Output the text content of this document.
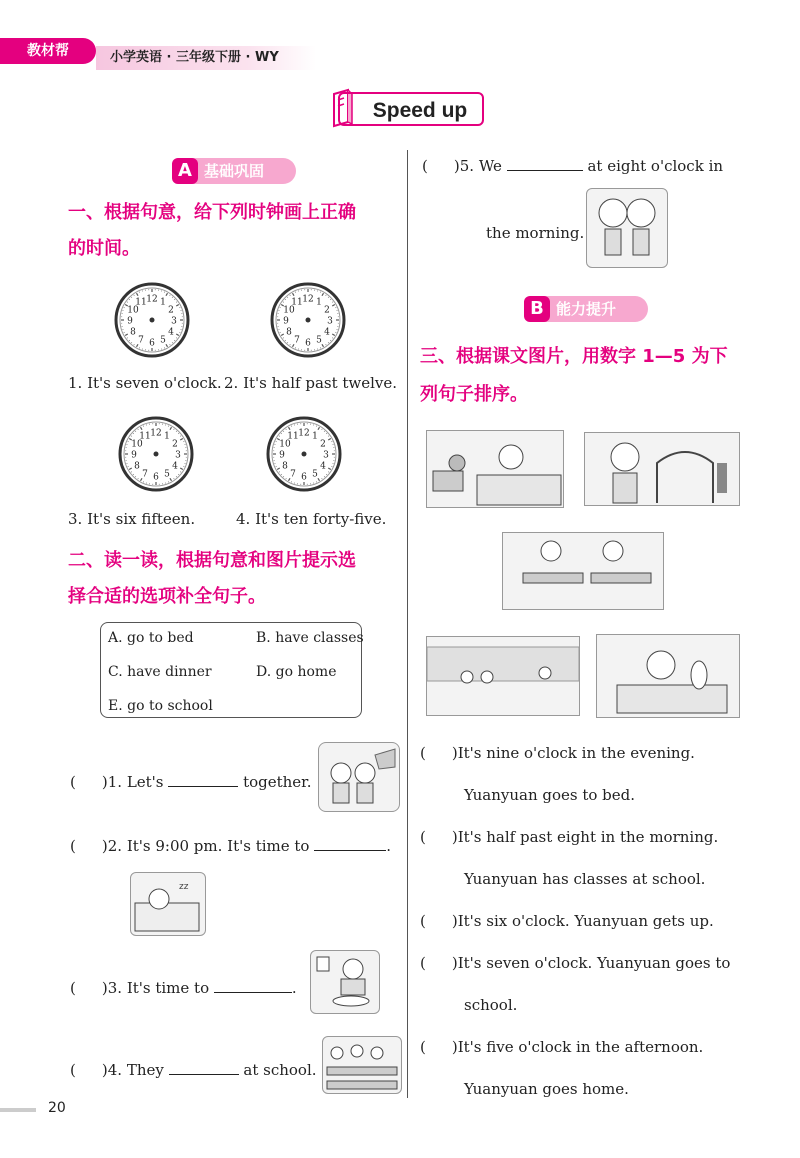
小学英语 · 三年级下册 · WY
教材帮
Speed up
A 基础巩固
一、根据句意，给下列时钟画上正确
的时间。
12 1
2
3
4
5
6
7
8
9
10
11	12 1
2
3
4
5
6
7
8
9
10
11
12 1
2
3
4
5
6
7
8
9
10
11	12 1
2
3
4
5
6
7
8
9
10
11
1. It's seven o'clock. 2. It's half past twelve.
3. It's six fifteen.	4. It's ten forty-five.
二、读一读，根据句意和图片提示选
择合适的选项补全句子。
A. go to bed	B. have classes
C. have dinner	D. go home
E. go to school
( )1. Let's	together.
( )2. It's 9:00 pm. It's time to	.
zz
( )3. It's time to	.
( )4. They	at school.
( )5. We	at eight o'clock in
the morning.
B 能力提升
三、根据课文图片，用数字 1—5 为下
列句子排序。
( )It's nine o'clock in the evening.
Yuanyuan goes to bed.
( )It's half past eight in the morning.
Yuanyuan has classes at school.
( )It's six o'clock. Yuanyuan gets up.
( )It's seven o'clock. Yuanyuan goes to
school.
( )It's five o'clock in the afternoon.
Yuanyuan goes home.
20
